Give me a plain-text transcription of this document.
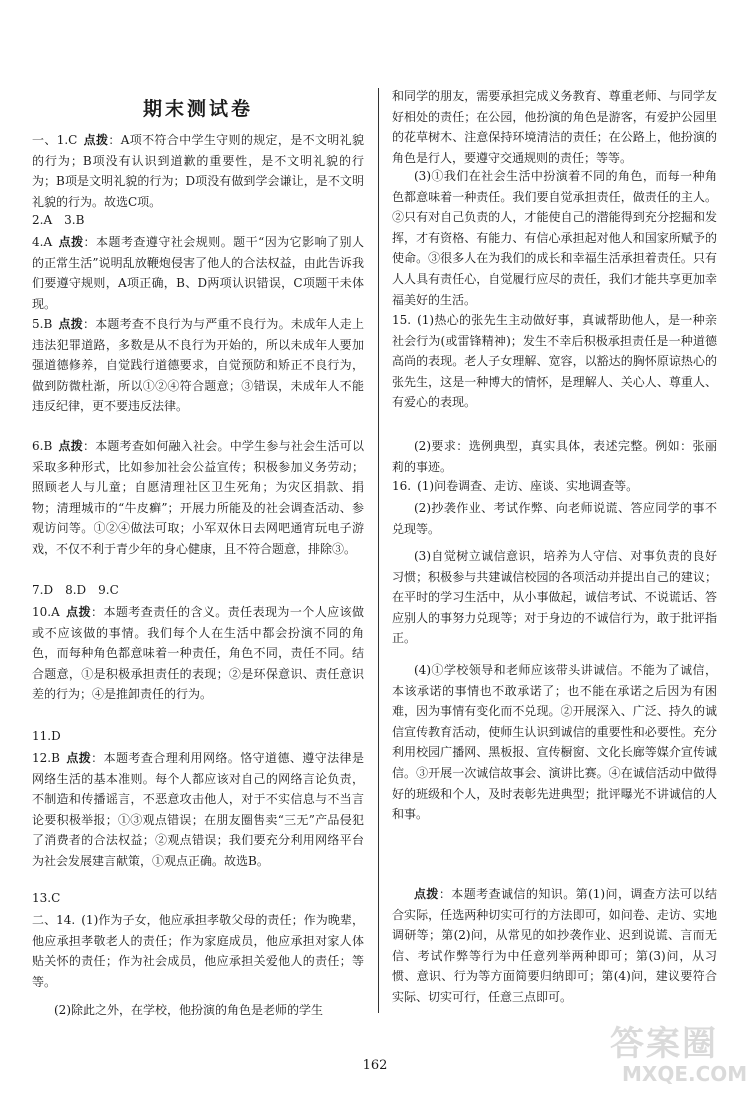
期末测试卷
一、1.C 点拨：A项不符合中学生守则的规定，是不文明礼貌的行为；B项没有认识到道歉的重要性，是不文明礼貌的行为；B项是文明礼貌的行为；D项没有做到学会谦让，是不文明礼貌的行为。故选C项。
2.A　3.B
4.A 点拨：本题考查遵守社会规则。题干“因为它影响了别人的正常生活”说明乱放鞭炮侵害了他人的合法权益，由此告诉我们要遵守规则，A项正确，B、D两项认识错误，C项题干未体现。
5.B 点拨：本题考查不良行为与严重不良行为。未成年人走上违法犯罪道路，多数是从不良行为开始的，所以未成年人要加强道德修养，自觉践行道德要求，自觉预防和矫正不良行为，做到防微杜渐，所以①②④符合题意；③错误，未成年人不能违反纪律，更不要违反法律。
6.B 点拨：本题考查如何融入社会。中学生参与社会生活可以采取多种形式，比如参加社会公益宣传；积极参加义务劳动；照顾老人与儿童；自愿清理社区卫生死角；为灾区捐款、捐物；清理城市的“牛皮癣”；开展力所能及的社会调查活动、参观访问等。①②④做法可取；小军双休日去网吧通宵玩电子游戏，不仅不利于青少年的身心健康，且不符合题意，排除③。
7.D　8.D　9.C
10.A 点拨：本题考查责任的含义。责任表现为一个人应该做或不应该做的事情。我们每个人在生活中都会扮演不同的角色，而每种角色都意味着一种责任，角色不同，责任不同。结合题意，①是积极承担责任的表现；②是环保意识、责任意识差的行为；④是推卸责任的行为。
11.D
12.B 点拨：本题考查合理利用网络。恪守道德、遵守法律是网络生活的基本准则。每个人都应该对自己的网络言论负责，不制造和传播谣言，不恶意攻击他人，对于不实信息与不当言论要积极举报；①③观点错误；在朋友圈售卖“三无”产品侵犯了消费者的合法权益；②观点错误；我们要充分利用网络平台为社会发展建言献策，①观点正确。故选B。
13.C
二、14. (1)作为子女，他应承担孝敬父母的责任；作为晚辈，他应承担孝敬老人的责任；作为家庭成员，他应承担对家人体贴关怀的责任；作为社会成员，他应承担关爱他人的责任；等等。
(2)除此之外，在学校，他扮演的角色是老师的学生
和同学的朋友，需要承担完成义务教育、尊重老师、与同学友好相处的责任；在公园，他扮演的角色是游客，有爱护公园里的花草树木、注意保持环境清洁的责任；在公路上，他扮演的角色是行人，要遵守交通规则的责任；等等。
(3)①我们在社会生活中扮演着不同的角色，而每一种角色都意味着一种责任。我们要自觉承担责任，做责任的主人。②只有对自己负责的人，才能使自己的潜能得到充分挖掘和发挥，才有资格、有能力、有信心承担起对他人和国家所赋予的使命。③很多人在为我们的成长和幸福生活承担着责任。只有人人具有责任心，自觉履行应尽的责任，我们才能共享更加幸福美好的生活。
15. (1)热心的张先生主动做好事，真诚帮助他人，是一种亲社会行为(或雷锋精神)；发生不幸后积极承担责任是一种道德高尚的表现。老人子女理解、宽容，以豁达的胸怀原谅热心的张先生，这是一种博大的情怀，是理解人、关心人、尊重人、有爱心的表现。
(2)要求：选例典型，真实具体，表述完整。例如：张丽莉的事迹。
16. (1)问卷调查、走访、座谈、实地调查等。
(2)抄袭作业、考试作弊、向老师说谎、答应同学的事不兑现等。
(3)自觉树立诚信意识，培养为人守信、对事负责的良好习惯；积极参与共建诚信校园的各项活动并提出自己的建议；在平时的学习生活中，从小事做起，诚信考试、不说谎话、答应别人的事努力兑现等；对于身边的不诚信行为，敢于批评指正。
(4)①学校领导和老师应该带头讲诚信。不能为了诚信，本该承诺的事情也不敢承诺了；也不能在承诺之后因为有困难，因为事情有变化而不兑现。②开展深入、广泛、持久的诚信宣传教育活动，使师生认识到诚信的重要性和必要性。充分利用校园广播网、黑板报、宣传橱窗、文化长廊等媒介宣传诚信。③开展一次诚信故事会、演讲比赛。④在诚信活动中做得好的班级和个人，及时表彰先进典型；批评曝光不讲诚信的人和事。
点拨：本题考查诚信的知识。第(1)问，调查方法可以结合实际，任选两种切实可行的方法即可，如问卷、走访、实地调研等；第(2)问，从常见的如抄袭作业、迟到说谎、言而无信、考试作弊等行为中任意列举两种即可；第(3)问，从习惯、意识、行为等方面简要归纳即可；第(4)问，建议要符合实际、切实可行，任意三点即可。
162
答案圈
MXQE.COM
